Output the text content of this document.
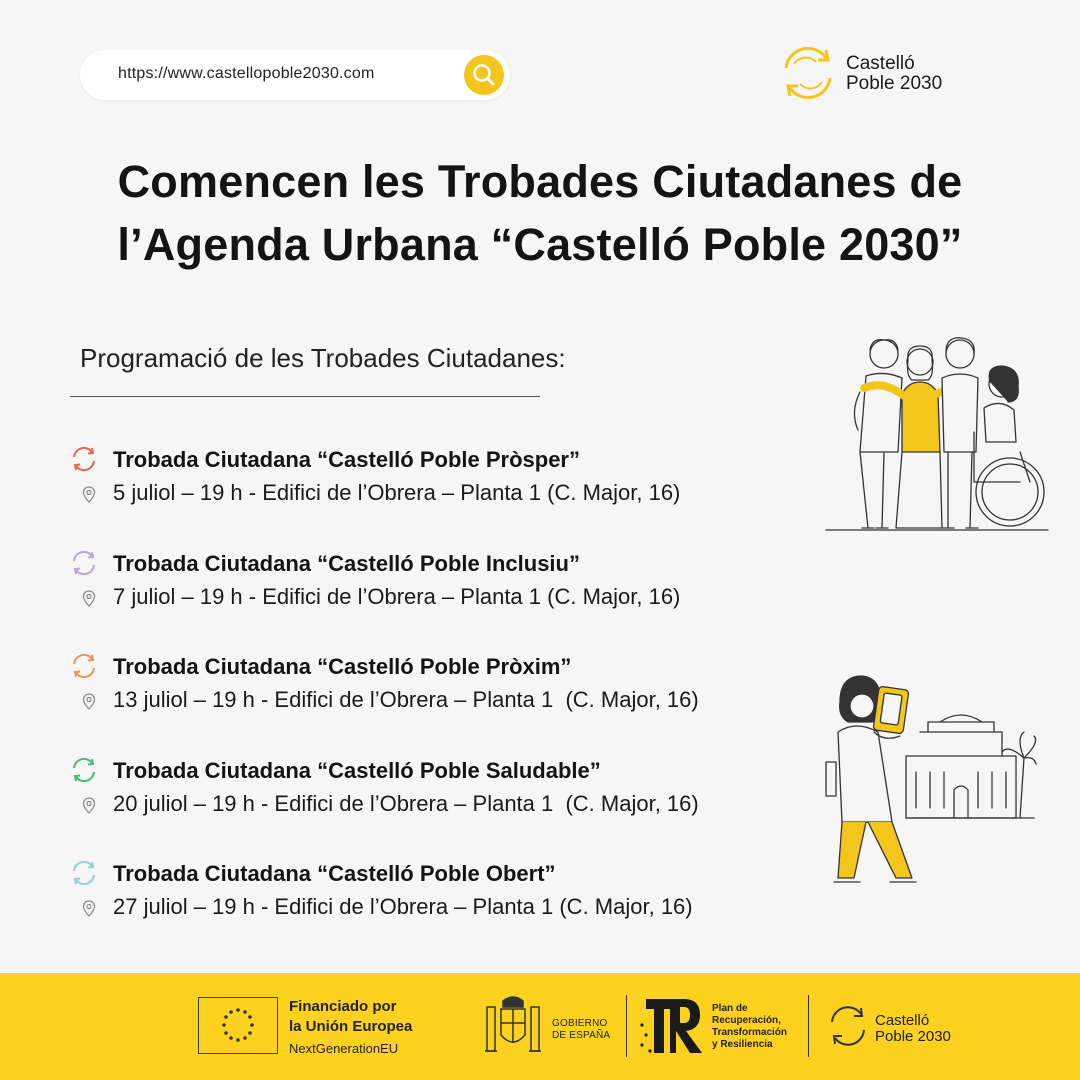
https://www.castellopoble2030.com	Castelló
Poble 2030
Comencen les Trobades Ciutadanes de
l’Agenda Urbana “Castelló Poble 2030”
Programació de les Trobades Ciutadanes:
Trobada Ciutadana “Castelló Poble Pròsper”
5 juliol – 19 h - Edifici de l’Obrera – Planta 1 (C. Major, 16)
Trobada Ciutadana “Castelló Poble Inclusiu”
7 juliol – 19 h - Edifici de l’Obrera – Planta 1 (C. Major, 16)
Trobada Ciutadana “Castelló Poble Pròxim”
13 juliol – 19 h - Edifici de l’Obrera – Planta 1  (C. Major, 16)
Trobada Ciutadana “Castelló Poble Saludable”
20 juliol – 19 h - Edifici de l’Obrera – Planta 1  (C. Major, 16)
Trobada Ciutadana “Castelló Poble Obert”
27 juliol – 19 h - Edifici de l’Obrera – Planta 1 (C. Major, 16)
Financiado por
la Unión Europea
NextGenerationEU
GOBIERNO
DE ESPAÑA
Plan de
Recuperación,
Transformación
y Resiliencia
Castelló
Poble 2030
